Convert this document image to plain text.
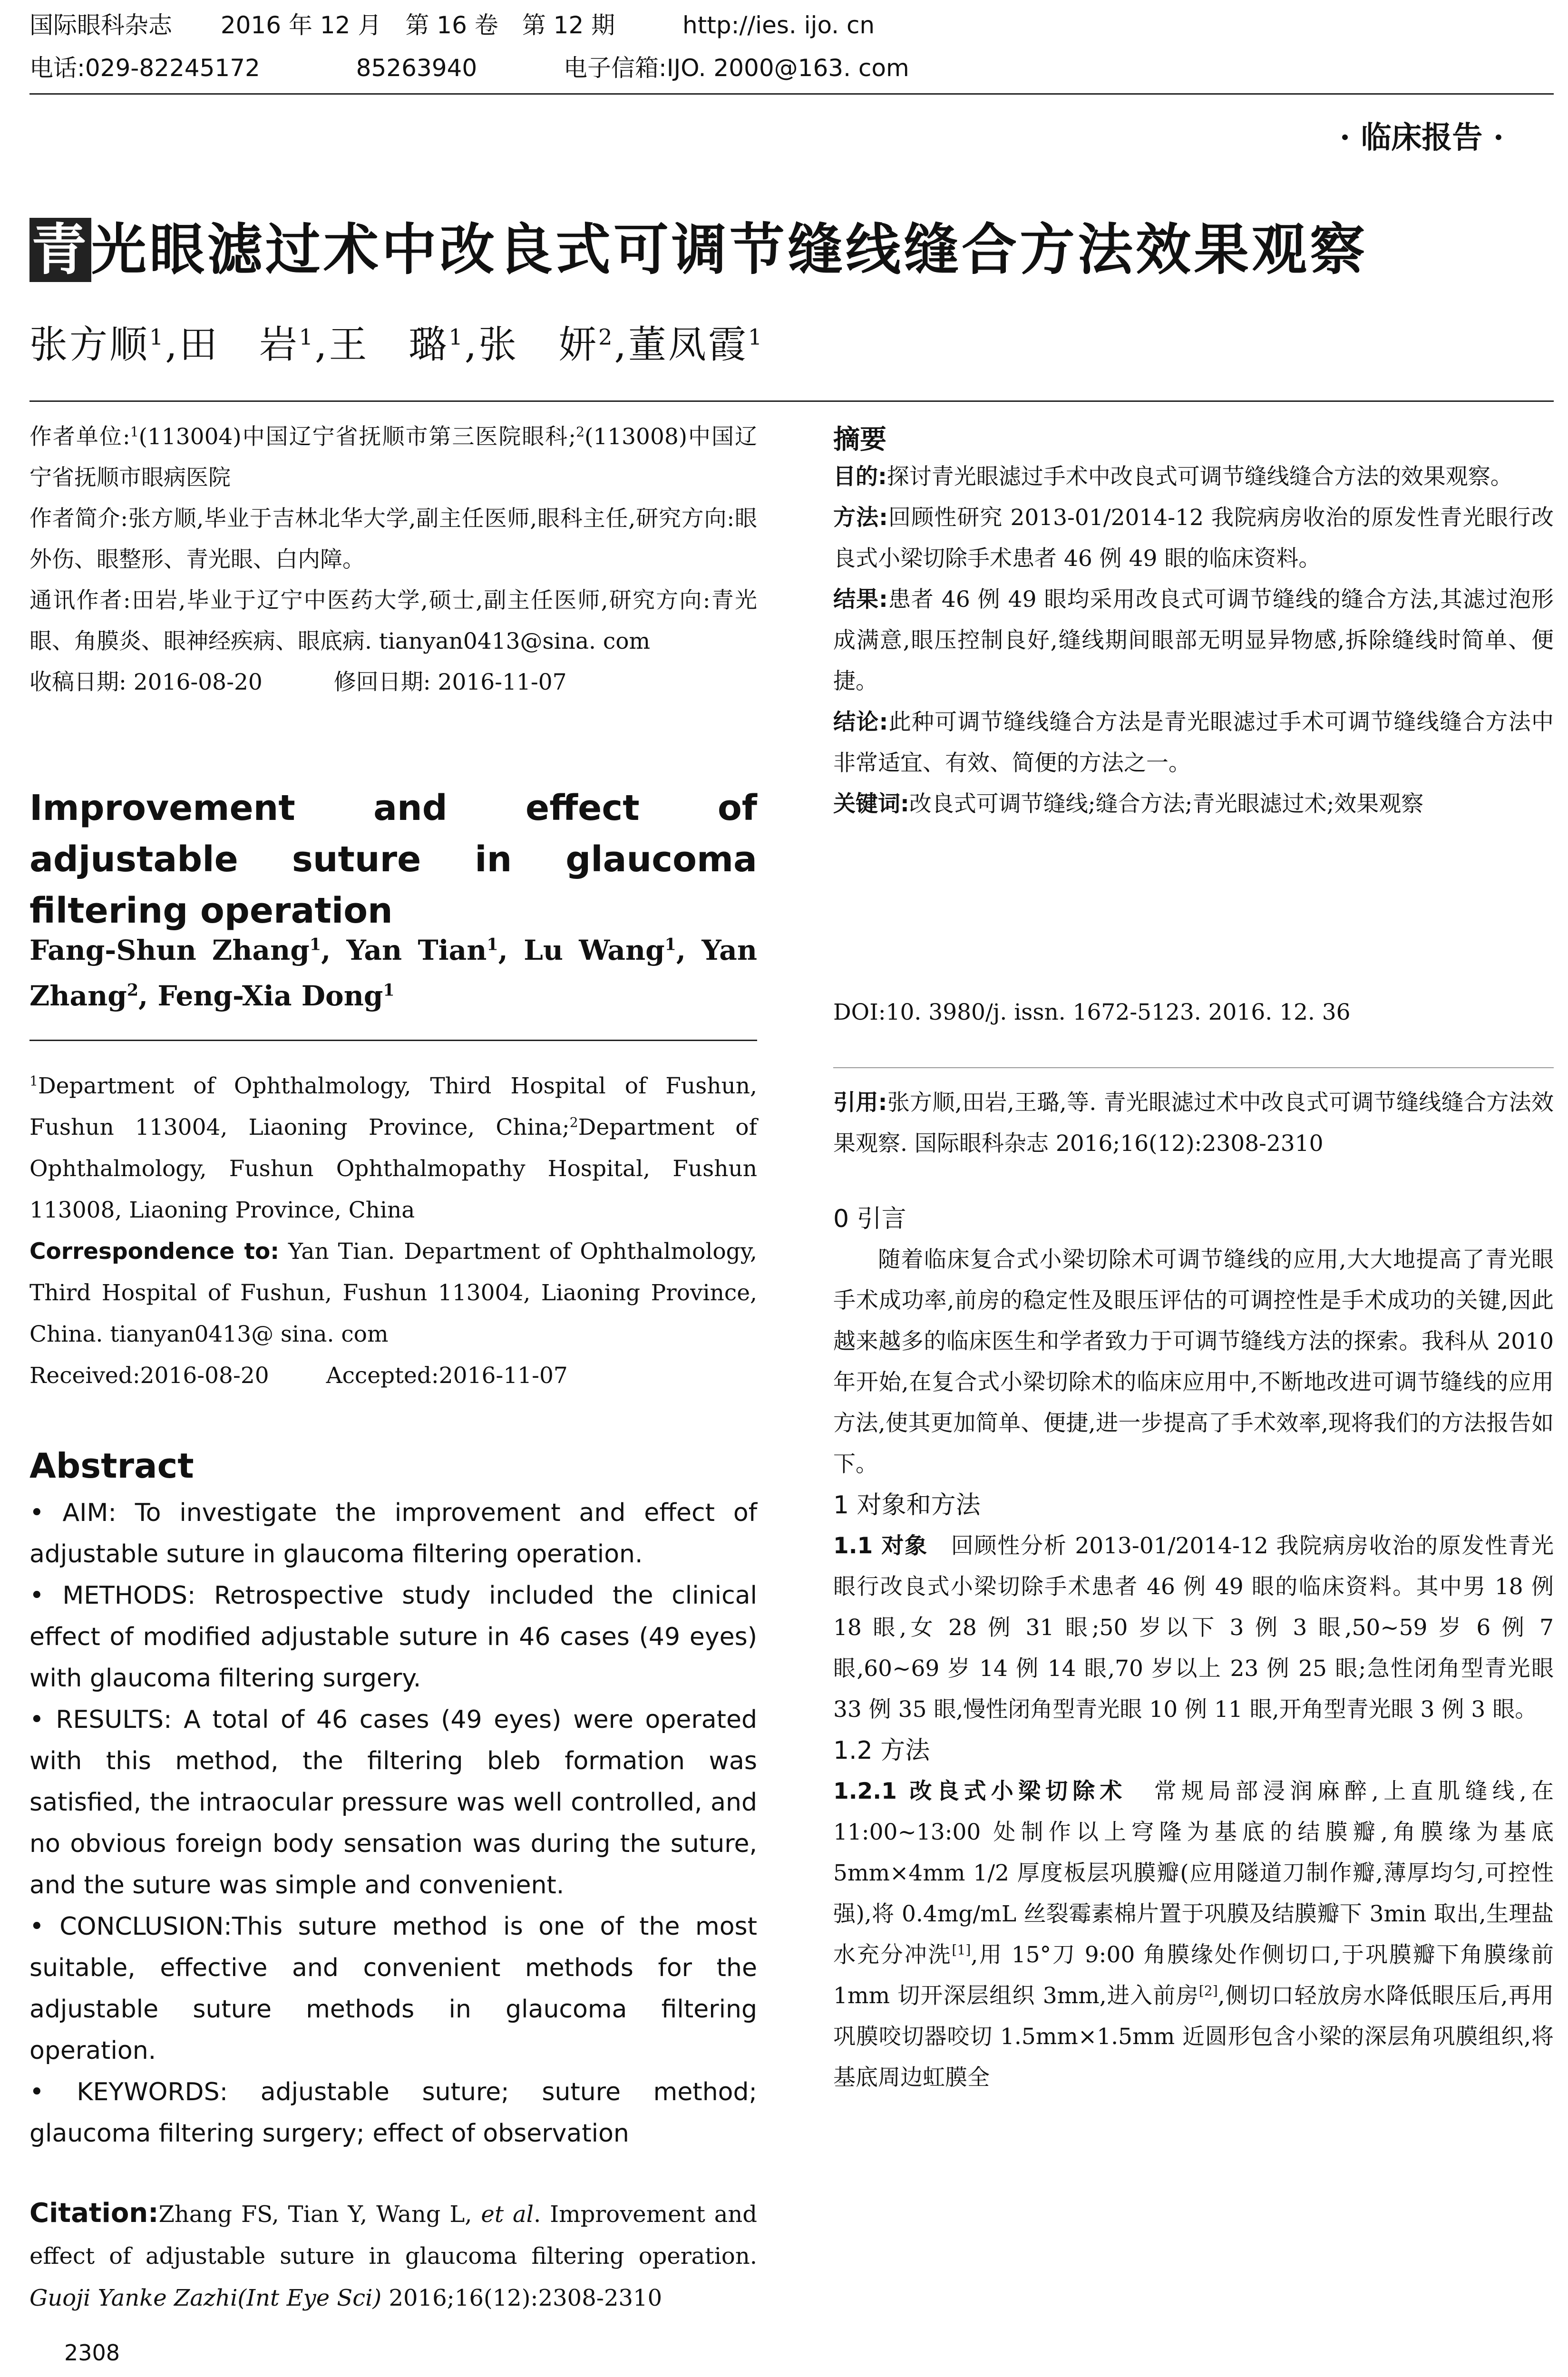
国际眼科杂志 2016 年 12 月　第 16 卷　第 12 期	http://ies. ijo. cn
电话:029-82245172	85263940	电子信箱:IJO. 2000@163. com
· 临床报告 ·
青光眼滤过术中改良式可调节缝线缝合方法效果观察
张方顺$^1$,田　岩$^1$,王　璐$^1$,张　妍$^2$,董凤霞$^1$

作者单位:$^1$(113004)中国辽宁省抚顺市第三医院眼科;$^2$(113008)中国辽宁省抚顺市眼病医院

作者简介:张方顺,毕业于吉林北华大学,副主任医师,眼科主任,研究方向:眼外伤、眼整形、青光眼、白内障。

通讯作者:田岩,毕业于辽宁中医药大学,硕士,副主任医师,研究方向:青光眼、角膜炎、眼神经疾病、眼底病. tianyan0413@sina. com

收稿日期: 2016-08-20	修回日期: 2016-11-07

Improvement and effect of adjustable suture in glaucoma filtering operation
Fang-Shun Zhang$^1$, Yan Tian$^1$, Lu Wang$^1$, Yan Zhang$^2$, Feng-Xia Dong$^1$

$^1$Department of Ophthalmology, Third Hospital of Fushun, Fushun 113004, Liaoning Province, China;$^2$Department of Ophthalmology, Fushun Ophthalmopathy Hospital, Fushun 113008, Liaoning Province, China

Correspondence to: Yan Tian. Department of Ophthalmology, Third Hospital of Fushun, Fushun 113004, Liaoning Province, China. tianyan0413@ sina. com

Received:2016-08-20	Accepted:2016-11-07

Abstract

• AIM: To investigate the improvement and effect of adjustable suture in glaucoma filtering operation.

• METHODS: Retrospective study included the clinical effect of modified adjustable suture in 46 cases (49 eyes) with glaucoma filtering surgery.

• RESULTS: A total of 46 cases (49 eyes) were operated with this method, the filtering bleb formation was satisfied, the intraocular pressure was well controlled, and no obvious foreign body sensation was during the suture, and the suture was simple and convenient.

• CONCLUSION:This suture method is one of the most suitable, effective and convenient methods for the adjustable suture methods in glaucoma filtering operation.

• KEYWORDS: adjustable suture; suture method; glaucoma filtering surgery; effect of observation

Citation:Zhang FS, Tian Y, Wang L, et al. Improvement and effect of adjustable suture in glaucoma filtering operation. Guoji Yanke Zazhi(Int Eye Sci) 2016;16(12):2308-2310
2308
摘要

目的:探讨青光眼滤过手术中改良式可调节缝线缝合方法的效果观察。

方法:回顾性研究 2013-01/2014-12 我院病房收治的原发性青光眼行改良式小梁切除手术患者 46 例 49 眼的临床资料。

结果:患者 46 例 49 眼均采用改良式可调节缝线的缝合方法,其滤过泡形成满意,眼压控制良好,缝线期间眼部无明显异物感,拆除缝线时简单、便捷。

结论:此种可调节缝线缝合方法是青光眼滤过手术可调节缝线缝合方法中非常适宜、有效、简便的方法之一。

关键词:改良式可调节缝线;缝合方法;青光眼滤过术;效果观察

DOI:10. 3980/j. issn. 1672-5123. 2016. 12. 36
引用:张方顺,田岩,王璐,等. 青光眼滤过术中改良式可调节缝线缝合方法效果观察. 国际眼科杂志 2016;16(12):2308-2310

0 引言

随着临床复合式小梁切除术可调节缝线的应用,大大地提高了青光眼手术成功率,前房的稳定性及眼压评估的可调控性是手术成功的关键,因此越来越多的临床医生和学者致力于可调节缝线方法的探索。我科从 2010 年开始,在复合式小梁切除术的临床应用中,不断地改进可调节缝线的应用方法,使其更加简单、便捷,进一步提高了手术效率,现将我们的方法报告如下。

1 对象和方法

1.1 对象　回顾性分析 2013-01/2014-12 我院病房收治的原发性青光眼行改良式小梁切除手术患者 46 例 49 眼的临床资料。其中男 18 例 18 眼,女 28 例 31 眼;50 岁以下 3 例 3 眼,50~59 岁 6 例 7 眼,60~69 岁 14 例 14 眼,70 岁以上 23 例 25 眼;急性闭角型青光眼 33 例 35 眼,慢性闭角型青光眼 10 例 11 眼,开角型青光眼 3 例 3 眼。

1.2 方法

1.2.1 改良式小梁切除术　常规局部浸润麻醉,上直肌缝线,在 11:00~13:00 处制作以上穹隆为基底的结膜瓣,角膜缘为基底 5mm×4mm 1/2 厚度板层巩膜瓣(应用隧道刀制作瓣,薄厚均匀,可控性强),将 0.4mg/mL 丝裂霉素棉片置于巩膜及结膜瓣下 3min 取出,生理盐水充分冲洗[1],用 15°刀 9:00 角膜缘处作侧切口,于巩膜瓣下角膜缘前 1mm 切开深层组织 3mm,进入前房[2],侧切口轻放房水降低眼压后,再用巩膜咬切器咬切 1.5mm×1.5mm 近圆形包含小梁的深层角巩膜组织,将基底周边虹膜全
